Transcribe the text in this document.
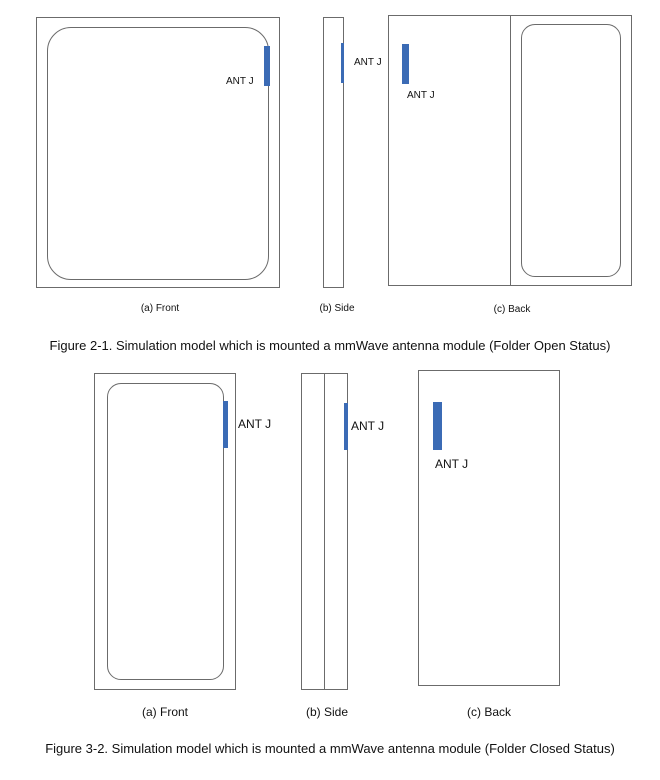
ANT J
(a) Front
ANT J
(b) Side
ANT J
(c) Back
Figure 2-1. Simulation model which is mounted a mmWave antenna module (Folder Open Status)
ANT J
(a) Front
ANT J
(b) Side
ANT J
(c) Back
Figure 3-2. Simulation model which is mounted a mmWave antenna module (Folder Closed Status)
